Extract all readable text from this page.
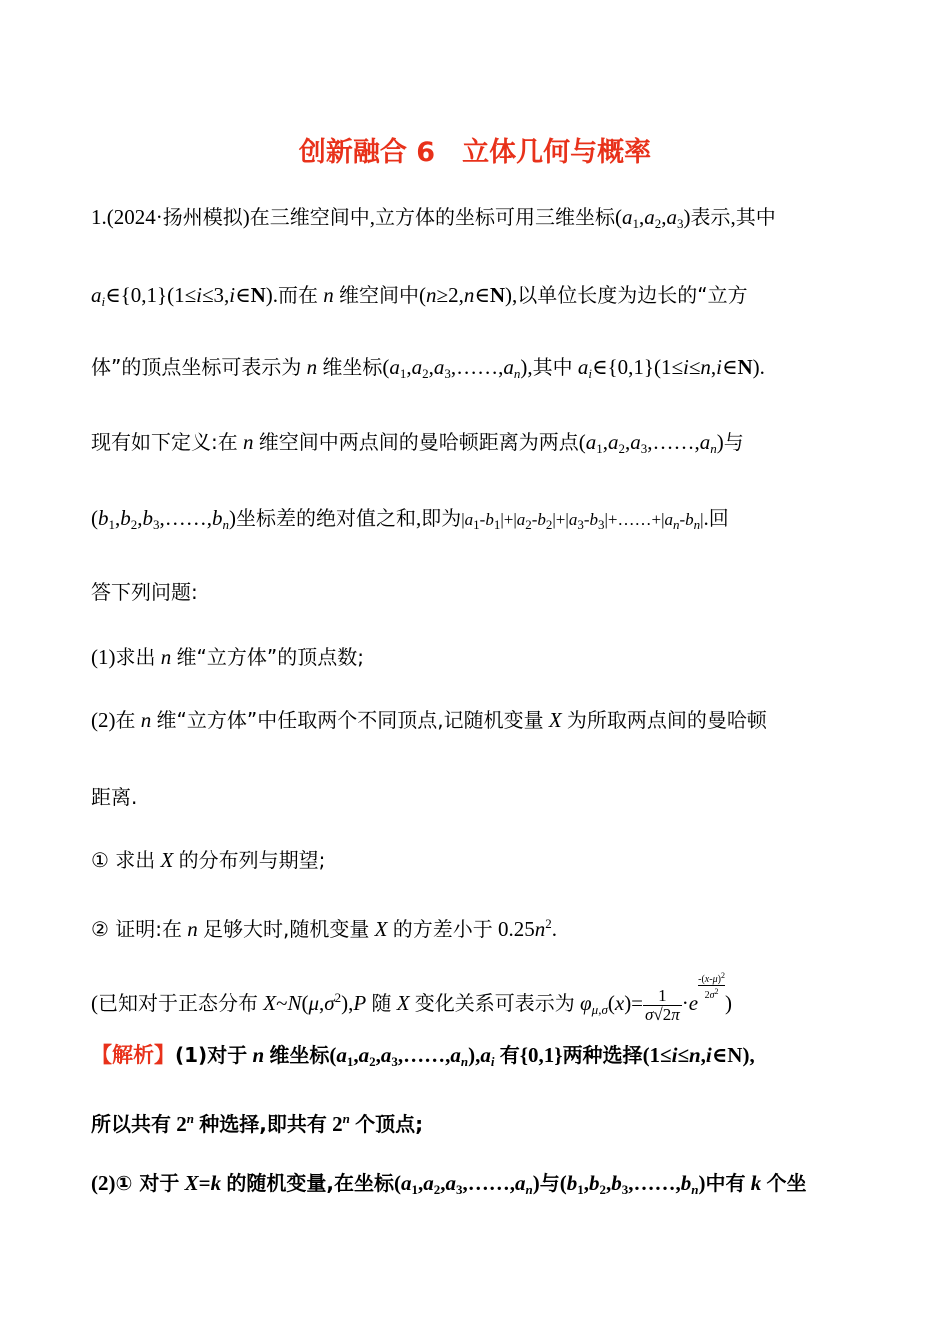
创新融合 6　立体几何与概率
1.(2024·扬州模拟)在三维空间中,立方体的坐标可用三维坐标$(a_1,a_2,a_3)$表示,其中
$a_i\in\{0,1\}(1\le i\le 3,i\in N)$.而在 n 维空间中(n≥2,n∈N),以单位长度为边长的“立方
体”的顶点坐标可表示为 n 维坐标$(a_1,a_2,a_3,\dots\dots,a_n)$,其中 $a_i\in\{0,1\}(1\le i\le n,i\in N)$.
现有如下定义:在 n 维空间中两点间的曼哈顿距离为两点$(a_1,a_2,a_3,\dots\dots,a_n)$与
$(b_1,b_2,b_3,\dots\dots,b_n)$坐标差的绝对值之和,即为$|a_1-b_1|+|a_2-b_2|+|a_3-b_3|+\dots\dots+|a_n-b_n|$.回
答下列问题:
(1)求出 n 维“立方体”的顶点数;
(2)在 n 维“立方体”中任取两个不同顶点,记随机变量 X 为所取两点间的曼哈顿
距离.
① 求出 X 的分布列与期望;
② 证明:在 n 足够大时,随机变量 X 的方差小于 $0.25n^2$.
(已知对于正态分布 $X\sim N(\mu,\sigma^2),P$ 随 X 变化关系可表示为 $\varphi_{\mu,\sigma}(x)= \frac{1}{\sigma√2\pi} \cdot e$
$\frac{-(x-\mu)^2}{2\sigma^2}$)
【解析】(1)对于 n 维坐标$(a_1,a_2,a_3,\dots\dots,a_n),a_i$ 有{0,1}两种选择(1≤i≤n,i∈N),
所以共有 2$^n$ 种选择,即共有 2$^n$ 个顶点;
(2)① 对于 X=k 的随机变量,在坐标$(a_1,a_2,a_3,\dots\dots,a_n)$与$(b_1,b_2,b_3,\dots\dots,b_n)$中有 k 个坐
